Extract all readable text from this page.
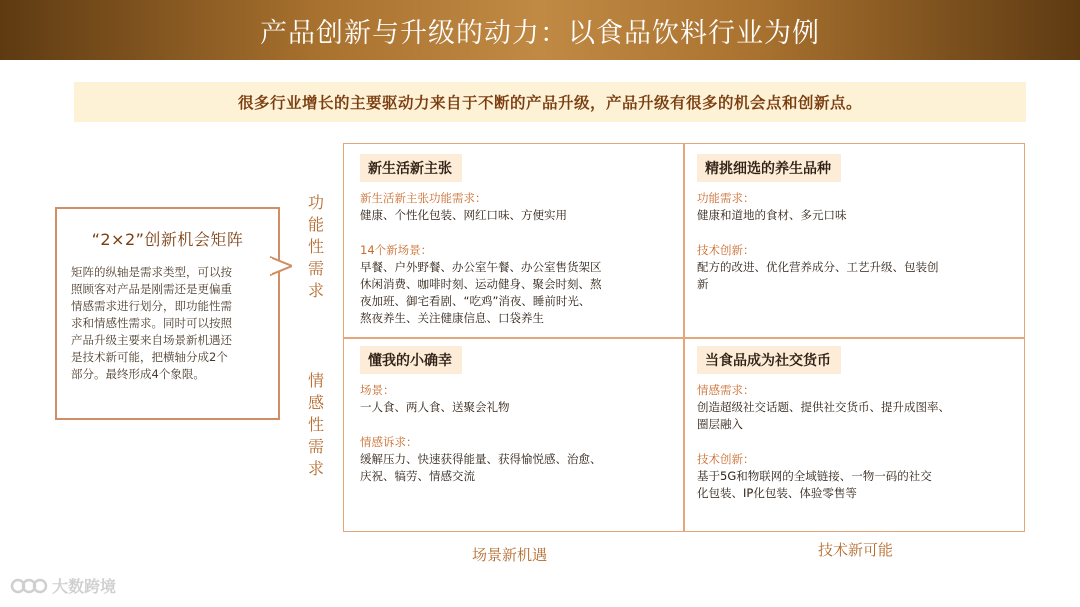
产品创新与升级的动力：以食品饮料行业为例
很多行业增长的主要驱动力来自于不断的产品升级，产品升级有很多的机会点和创新点。
“2×2”创新机会矩阵
矩阵的纵轴是需求类型，可以按
照顾客对产品是刚需还是更偏重
情感需求进行划分，即功能性需
求和情感性需求。同时可以按照
产品升级主要来自场景新机遇还
是技术新可能，把横轴分成2个
部分。最终形成4个象限。
功
能
性
需
求
情
感
性
需
求
场景新机遇	技术新可能
新生活新主张
新生活新主张功能需求：
健康、个性化包装、网红口味、方便实用
14个新场景：
早餐、户外野餐、办公室午餐、办公室售货架区
休闲消费、咖啡时刻、运动健身、聚会时刻、熬
夜加班、御宅看剧、“吃鸡”消夜、睡前时光、
熬夜养生、关注健康信息、口袋养生
精挑细选的养生品种
功能需求：
健康和道地的食材、多元口味
技术创新：
配方的改进、优化营养成分、工艺升级、包装创
新
懂我的小确幸
场景：
一人食、两人食、送聚会礼物
情感诉求：
缓解压力、快速获得能量、获得愉悦感、治愈、
庆祝、犒劳、情感交流
当食品成为社交货币
情感需求：
创造超级社交话题、提供社交货币、提升成图率、
圈层融入
技术创新：
基于5G和物联网的全域链接、一物一码的社交
化包装、IP化包装、体验零售等
大数跨境
